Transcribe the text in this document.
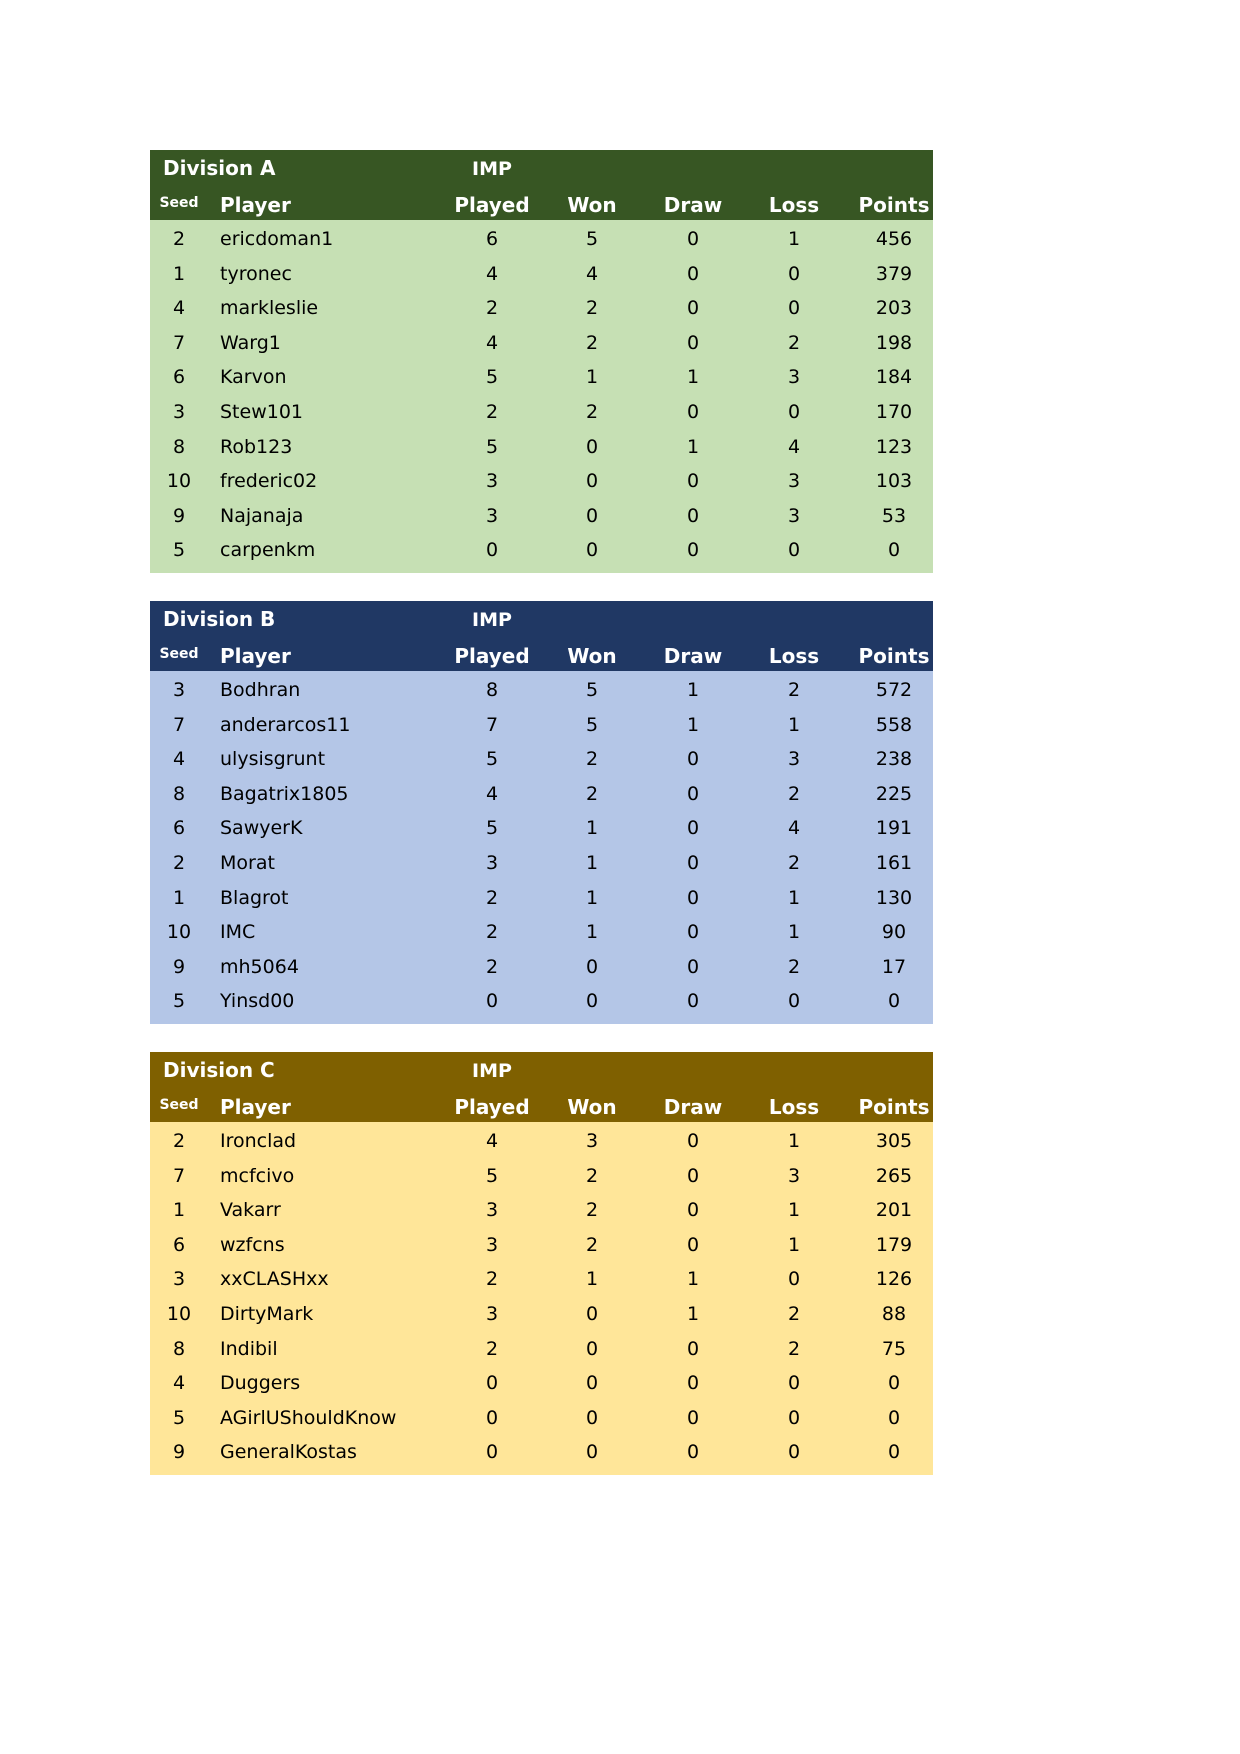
Division A	IMP
Seed	Player	Played	Won	Draw	Loss	Points
2	ericdoman1	6	5	0	1	456
1	tyronec	4	4	0	0	379
4	markleslie	2	2	0	0	203
7	Warg1	4	2	0	2	198
6	Karvon	5	1	1	3	184
3	Stew101	2	2	0	0	170
8	Rob123	5	0	1	4	123
10	frederic02	3	0	0	3	103
9	Najanaja	3	0	0	3	53
5	carpenkm	0	0	0	0	0
Division B	IMP
Seed	Player	Played	Won	Draw	Loss	Points
3	Bodhran	8	5	1	2	572
7	anderarcos11	7	5	1	1	558
4	ulysisgrunt	5	2	0	3	238
8	Bagatrix1805	4	2	0	2	225
6	SawyerK	5	1	0	4	191
2	Morat	3	1	0	2	161
1	Blagrot	2	1	0	1	130
10	IMC	2	1	0	1	90
9	mh5064	2	0	0	2	17
5	Yinsd00	0	0	0	0	0
Division C	IMP
Seed	Player	Played	Won	Draw	Loss	Points
2	Ironclad	4	3	0	1	305
7	mcfcivo	5	2	0	3	265
1	Vakarr	3	2	0	1	201
6	wzfcns	3	2	0	1	179
3	xxCLASHxx	2	1	1	0	126
10	DirtyMark	3	0	1	2	88
8	Indibil	2	0	0	2	75
4	Duggers	0	0	0	0	0
5	AGirlUShouldKnow	0	0	0	0	0
9	GeneralKostas	0	0	0	0	0
